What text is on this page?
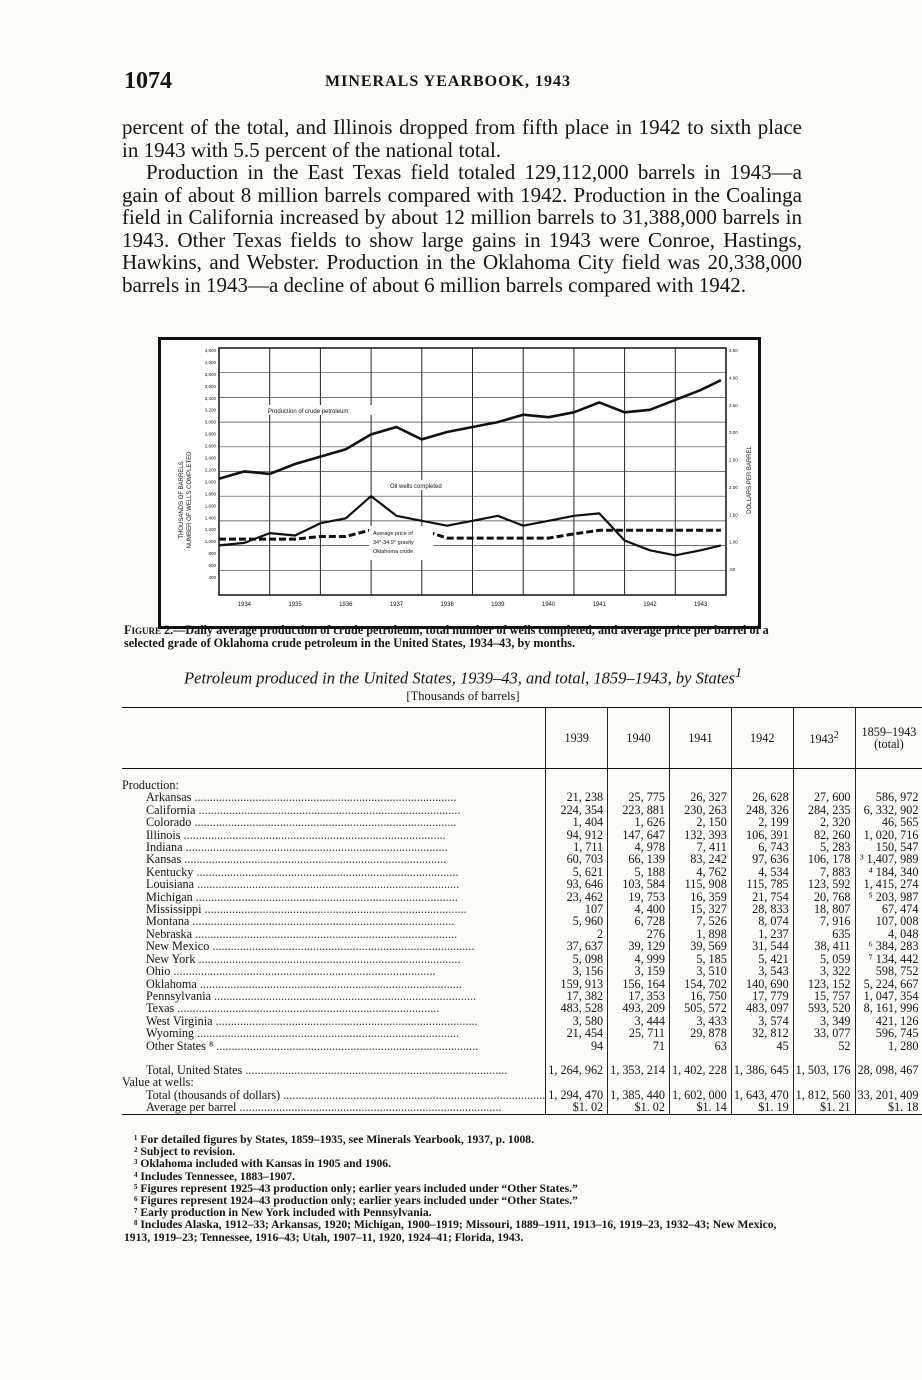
1074	MINERALS YEARBOOK, 1943

percent of the total, and Illinois dropped from fifth place in 1942 to sixth place in 1943 with 5.5 percent of the national total.

Production in the East Texas field totaled 129,112,000 barrels in 1943—a gain of about 8 million barrels compared with 1942. Production in the Coalinga field in California increased by about 12 million barrels to 31,388,000 barrels in 1943. Other Texas fields to show large gains in 1943 were Conroe, Hastings, Hawkins, and Webster. Production in the Oklahoma City field was 20,338,000 barrels in 1943—a decline of about 6 million barrels compared with 1942.

1934	1935	1936	1937	1938	1939	1940	1941	1942	1943
4,800
4,500
3,800
3,600
3,400
3,200
3,000
2,800
2,600
2,400
2,200
2,000
1,800
1,600
1,400
1,200
1,000
800
600
400
4.50
4.00
3.50
3.00
2.50
2.00
1.50
1.00
.50
THOUSANDS OF BARRELS NUMBER OF WELLS COMPLETED	DOLLARS PER BARREL
Production of crude petroleum
Oil wells completed
Average price of
34°-34.9° gravity
Oklahoma crude
Figure 2.—Daily average production of crude petroleum, total number of wells completed, and average price per barrel of a selected grade of Oklahoma crude petroleum in the United States, 1934–43, by months.
Petroleum produced in the United States, 1939–43, and total, 1859–1943, by States$^1$
[Thousands of barrels]
	1939	1940	1941	1942	1943$^2$	1859–1943 (total)
Production:						
Arkansas ......................................................................................	21, 238	25, 775	26, 327	26, 628	27, 600	586, 972
California ......................................................................................	224, 354	223, 881	230, 263	248, 326	284, 235	6, 332, 902
Colorado ......................................................................................	1, 404	1, 626	2, 150	2, 199	2, 320	46, 565
Illinois ......................................................................................	94, 912	147, 647	132, 393	106, 391	82, 260	1, 020, 716
Indiana ......................................................................................	1, 711	4, 978	7, 411	6, 743	5, 283	150, 547
Kansas ......................................................................................	60, 703	66, 139	83, 242	97, 636	106, 178	³ 1,407, 989
Kentucky ......................................................................................	5, 621	5, 188	4, 762	4, 534	7, 883	⁴ 184, 340
Louisiana ......................................................................................	93, 646	103, 584	115, 908	115, 785	123, 592	1, 415, 274
Michigan ......................................................................................	23, 462	19, 753	16, 359	21, 754	20, 768	⁵ 203, 987
Mississippi ......................................................................................	107	4, 400	15, 327	28, 833	18, 807	67, 474
Montana ......................................................................................	5, 960	6, 728	7, 526	8, 074	7, 916	107, 008
Nebraska ......................................................................................	2	276	1, 898	1, 237	635	4, 048
New Mexico ......................................................................................	37, 637	39, 129	39, 569	31, 544	38, 411	⁶ 384, 283
New York ......................................................................................	5, 098	4, 999	5, 185	5, 421	5, 059	⁷ 134, 442
Ohio ......................................................................................	3, 156	3, 159	3, 510	3, 543	3, 322	598, 752
Oklahoma ......................................................................................	159, 913	156, 164	154, 702	140, 690	123, 152	5, 224, 667
Pennsylvania ......................................................................................	17, 382	17, 353	16, 750	17, 779	15, 757	1, 047, 354
Texas ......................................................................................	483, 528	493, 209	505, 572	483, 097	593, 520	8, 161, 996
West Virginia ......................................................................................	3, 580	3, 444	3, 433	3, 574	3, 349	421, 126
Wyoming ......................................................................................	21, 454	25, 711	29, 878	32, 812	33, 077	596, 745
Other States ⁸ ......................................................................................	94	71	63	45	52	1, 280
Total, United States ......................................................................................	1, 264, 962	1, 353, 214	1, 402, 228	1, 386, 645	1, 503, 176	28, 098, 467
Value at wells:						
Total (thousands of dollars) ......................................................................................	1, 294, 470	1, 385, 440	1, 602, 000	1, 643, 470	1, 812, 560	33, 201, 409
Average per barrel ......................................................................................	$1. 02	$1. 02	$1. 14	$1. 19	$1. 21	$1. 18
¹ For detailed figures by States, 1859–1935, see Minerals Yearbook, 1937, p. 1008.
² Subject to revision.
³ Oklahoma included with Kansas in 1905 and 1906.
⁴ Includes Tennessee, 1883–1907.
⁵ Figures represent 1925–43 production only; earlier years included under “Other States.”
⁶ Figures represent 1924–43 production only; earlier years included under “Other States.”
⁷ Early production in New York included with Pennsylvania.
⁸ Includes Alaska, 1912–33; Arkansas, 1920; Michigan, 1900–1919; Missouri, 1889–1911, 1913–16, 1919–23, 1932–43; New Mexico, 1913, 1919–23; Tennessee, 1916–43; Utah, 1907–11, 1920, 1924–41; Florida, 1943.
